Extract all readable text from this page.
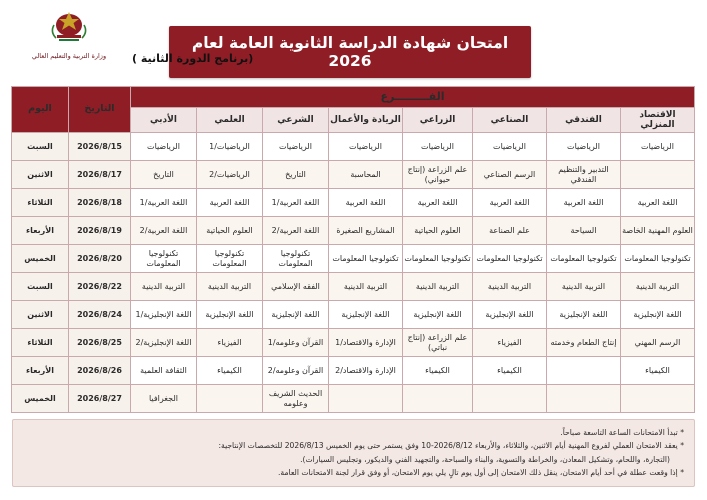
وزارة التربية والتعليم العالي
امتحان شهادة الدراسة الثانوية العامة لعام 2026
(برنامج الدورة الثانية )
الفـــــــــرع								التاريخ	اليوم
الاقتصاد المنزلي	الفندقي	الصناعي	الزراعي	الريادة والأعمال	الشرعي	العلمي	الأدبي		
الرياضيات	الرياضيات	الرياضيات	الرياضيات	الرياضيات	الرياضيات	الرياضيات/1	الرياضيات	2026/8/15	السبت
	التدبير والتنظيم الفندقي	الرسم الصناعي	علم الزراعة (إنتاج حيواني)	المحاسبة	التاريخ	الرياضيات/2	التاريخ	2026/8/17	الاثنين
اللغة العربية	اللغة العربية	اللغة العربية	اللغة العربية	اللغة العربية	اللغة العربية/1	اللغة العربية	اللغة العربية/1	2026/8/18	الثلاثاء
العلوم المهنية الخاصة	السياحة	علم الصناعة	العلوم الحياتية	المشاريع الصغيرة	اللغة العربية/2	العلوم الحياتية	اللغة العربية/2	2026/8/19	الأربعاء
تكنولوجيا المعلومات	تكنولوجيا المعلومات	تكنولوجيا المعلومات	تكنولوجيا المعلومات	تكنولوجيا المعلومات	تكنولوجيا المعلومات	تكنولوجيا المعلومات	تكنولوجيا المعلومات	2026/8/20	الخميس
التربية الدينية	التربية الدينية	التربية الدينية	التربية الدينية	التربية الدينية	الفقه الإسلامي	التربية الدينية	التربية الدينية	2026/8/22	السبت
اللغة الإنجليزية	اللغة الإنجليزية	اللغة الإنجليزية	اللغة الإنجليزية	اللغة الإنجليزية	اللغة الإنجليزية	اللغة الإنجليزية	اللغة الإنجليزية/1	2026/8/24	الاثنين
الرسم المهني	إنتاج الطعام وخدمته	الفيزياء	علم الزراعة (إنتاج نباتي)	الإدارة والاقتصاد/1	القرآن وعلومه/1	الفيزياء	اللغة الإنجليزية/2	2026/8/25	الثلاثاء
الكيمياء		الكيمياء	الكيمياء	الإدارة والاقتصاد/2	القرآن وعلومه/2	الكيمياء	الثقافة العلمية	2026/8/26	الأربعاء
					الحديث الشريف وعلومه		الجغرافيا	2026/8/27	الخميس
* تبدأ الامتحانات الساعة التاسعة صباحاً.
* يعقد الامتحان العملي لفروع المهنية أيام الاثنين، والثلاثاء، والأربعاء 2026/8/12-10 وفق يستمر حتى يوم الخميس 2026/8/13 للتخصصات الإنتاجية:
(التجارة، واللحام، وتشكيل المعادن، والخراطة والتسوية، والبناء والسباحة، والتجهيد الفني والديكور، وتجليس السيارات).
* إذا وقعت عطلة في أحد أيام الامتحان، ينقل ذلك الامتحان إلى أول يوم تالٍ يلي يوم الامتحان، أو وفق قرار لجنة الامتحانات العامة.
